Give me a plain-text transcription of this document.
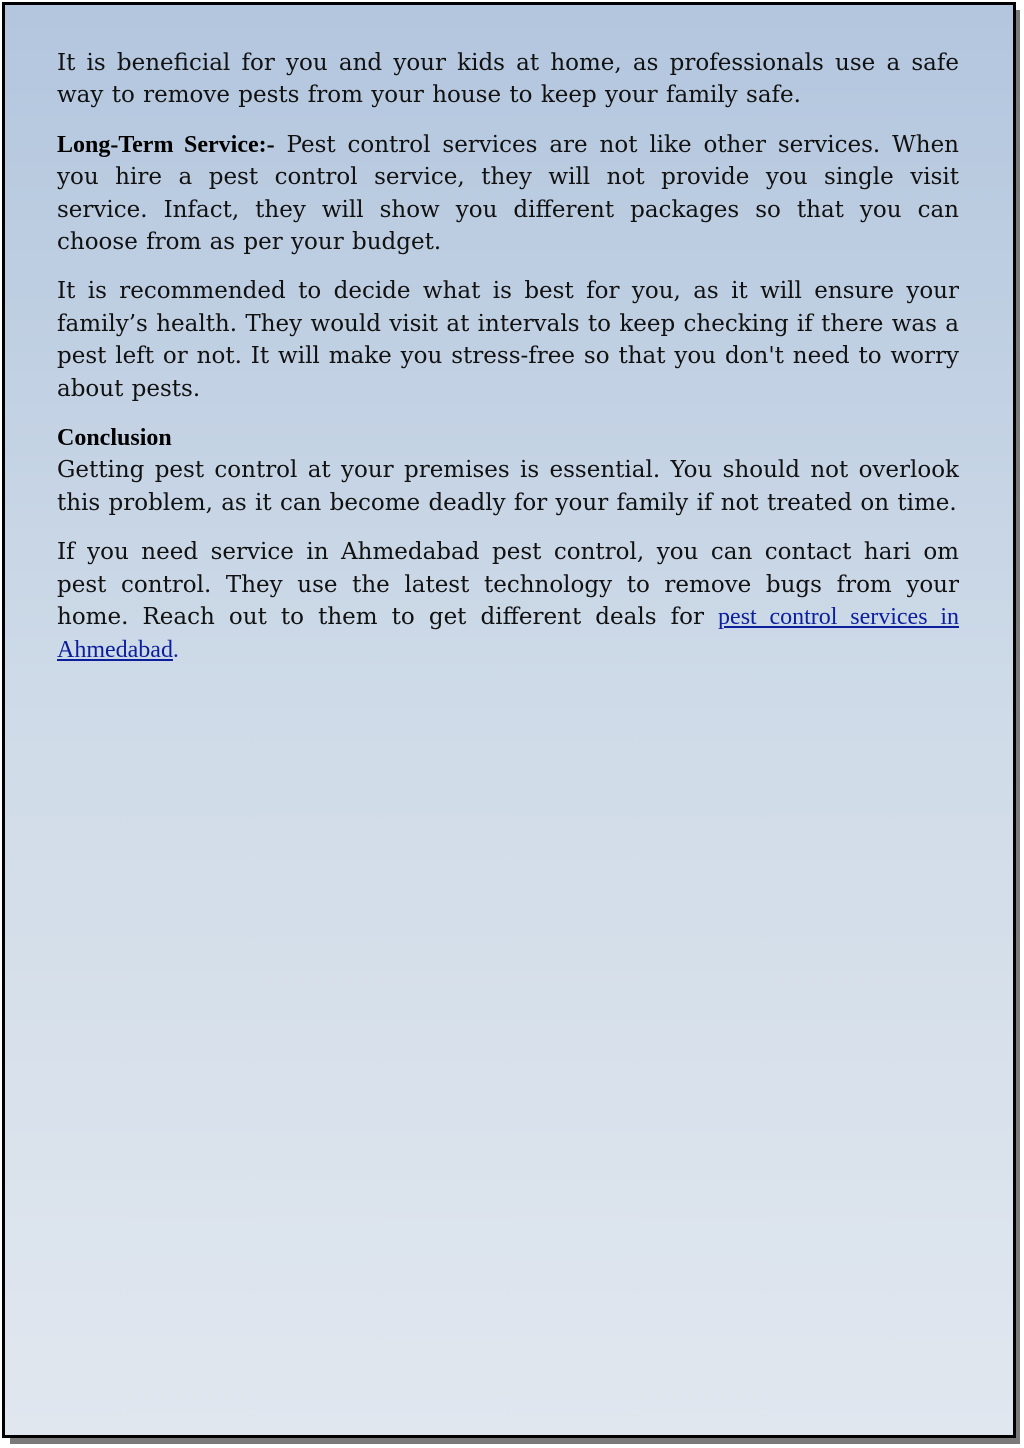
It is beneficial for you and your kids at home, as professionals use a safe way to remove pests from your house to keep your family safe.

Long-Term Service:- Pest control services are not like other services. When you hire a pest control service, they will not provide you single visit service. Infact, they will show you different packages so that you can choose from as per your budget.

It is recommended to decide what is best for you, as it will ensure your family’s health. They would visit at intervals to keep checking if there was a pest left or not. It will make you stress-free so that you don't need to worry about pests.

Conclusion
Getting pest control at your premises is essential. You should not overlook this problem, as it can become deadly for your family if not treated on time.

If you need service in Ahmedabad pest control, you can contact hari om pest control. They use the latest technology to remove bugs from your home. Reach out to them to get different deals for pest control services in Ahmedabad.
